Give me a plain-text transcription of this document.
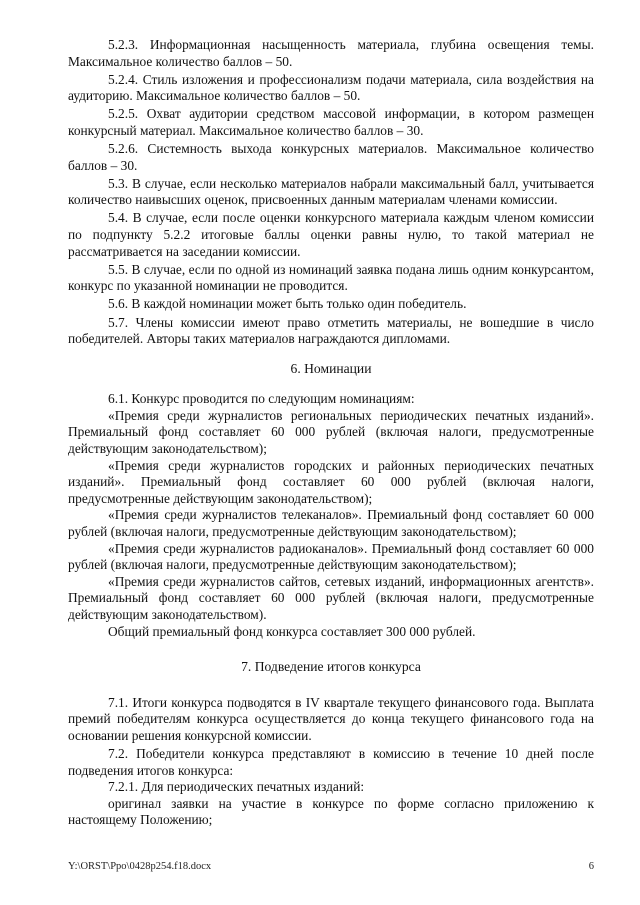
5.2.3. Информационная насыщенность материала, глубина освещения темы. Максимальное количество баллов – 50.

5.2.4. Стиль изложения и профессионализм подачи материала, сила воздействия на аудиторию. Максимальное количество баллов – 50.

5.2.5. Охват аудитории средством массовой информации, в котором размещен конкурсный материал. Максимальное количество баллов – 30.

5.2.6. Системность выхода конкурсных материалов. Максимальное количество баллов – 30.

5.3. В случае, если несколько материалов набрали максимальный балл, учитывается количество наивысших оценок, присвоенных данным материалам членами комиссии.

5.4. В случае, если после оценки конкурсного материала каждым членом комиссии по подпункту 5.2.2 итоговые баллы оценки равны нулю, то такой материал не рассматривается на заседании комиссии.

5.5. В случае, если по одной из номинаций заявка подана лишь одним конкурсантом, конкурс по указанной номинации не проводится.

5.6. В каждой номинации может быть только один победитель.

5.7. Члены комиссии имеют право отметить материалы, не вошедшие в число победителей. Авторы таких материалов награждаются дипломами.

6. Номинации

6.1. Конкурс проводится по следующим номинациям:

«Премия среди журналистов региональных периодических печатных изданий». Премиальный фонд составляет 60 000 рублей (включая налоги, предусмотренные действующим законодательством);

«Премия среди журналистов городских и районных периодических печатных изданий». Премиальный фонд составляет 60 000 рублей (включая налоги, предусмотренные действующим законодательством);

«Премия среди журналистов телеканалов». Премиальный фонд составляет 60 000 рублей (включая налоги, предусмотренные действующим законодательством);

«Премия среди журналистов радиоканалов». Премиальный фонд составляет 60 000 рублей (включая налоги, предусмотренные действующим законодательством);

«Премия среди журналистов сайтов, сетевых изданий, информационных агентств». Премиальный фонд составляет 60 000 рублей (включая налоги, предусмотренные действующим законодательством).

Общий премиальный фонд конкурса составляет 300 000 рублей.

7. Подведение итогов конкурса

7.1. Итоги конкурса подводятся в IV квартале текущего финансового года. Выплата премий победителям конкурса осуществляется до конца текущего финансового года на основании решения конкурсной комиссии.

7.2. Победители конкурса представляют в комиссию в течение 10 дней после подведения итогов конкурса:

7.2.1. Для периодических печатных изданий:

оригинал заявки на участие в конкурсе по форме согласно приложению к настоящему Положению;

Y:\ORST\Ppo\0428p254.f18.docx	6
